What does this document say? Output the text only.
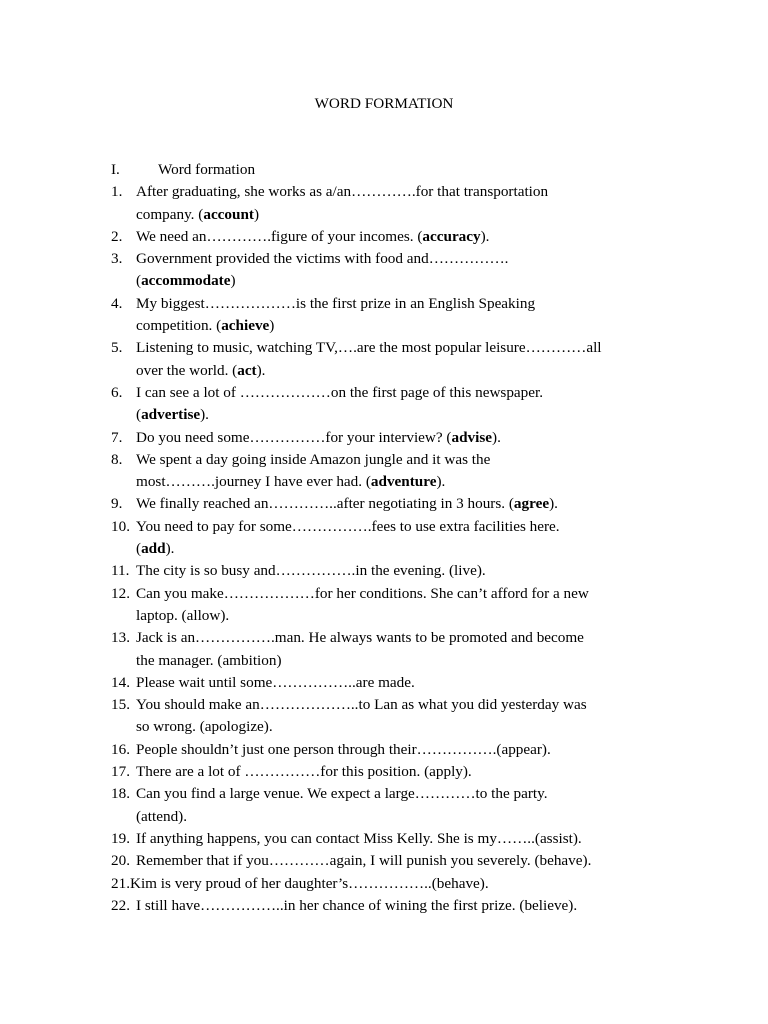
WORD FORMATION
I.	Word formation
1. After graduating, she works as a/an………….for that transportation
company. (account)
2. We need an………….figure of your incomes. (accuracy).
3. Government provided the victims with food and…………….
(accommodate)
4. My biggest………………is the first prize in an English Speaking
competition. (achieve)
5. Listening to music, watching TV,….are the most popular leisure…………all
over the world. (act).
6. I can see a lot of ………………on the first page of this newspaper.
(advertise).
7. Do you need some……………for your interview? (advise).
8. We spent a day going inside Amazon jungle and it was the
most……….journey I have ever had. (adventure).
9. We finally reached an…………..after negotiating in 3 hours. (agree).
10. You need to pay for some…………….fees to use extra facilities here.
(add).
11. The city is so busy and…………….in the evening. (live).
12. Can you make………………for her conditions. She can’t afford for a new
laptop. (allow).
13. Jack is an…………….man. He always wants to be promoted and become
the manager. (ambition)
14. Please wait until some……………..are made.
15. You should make an………………..to Lan as what you did yesterday was
so wrong. (apologize).
16. People shouldn’t just one person through their…………….(appear).
17. There are a lot of ……………for this position. (apply).
18. Can you find a large venue. We expect a large…………to the party.
(attend).
19. If anything happens, you can contact Miss Kelly. She is my……..(assist).
20. Remember that if you…………again, I will punish you severely. (behave).
21.Kim is very proud of her daughter’s……………..(behave).
22. I still have……………..in her chance of wining the first prize. (believe).
